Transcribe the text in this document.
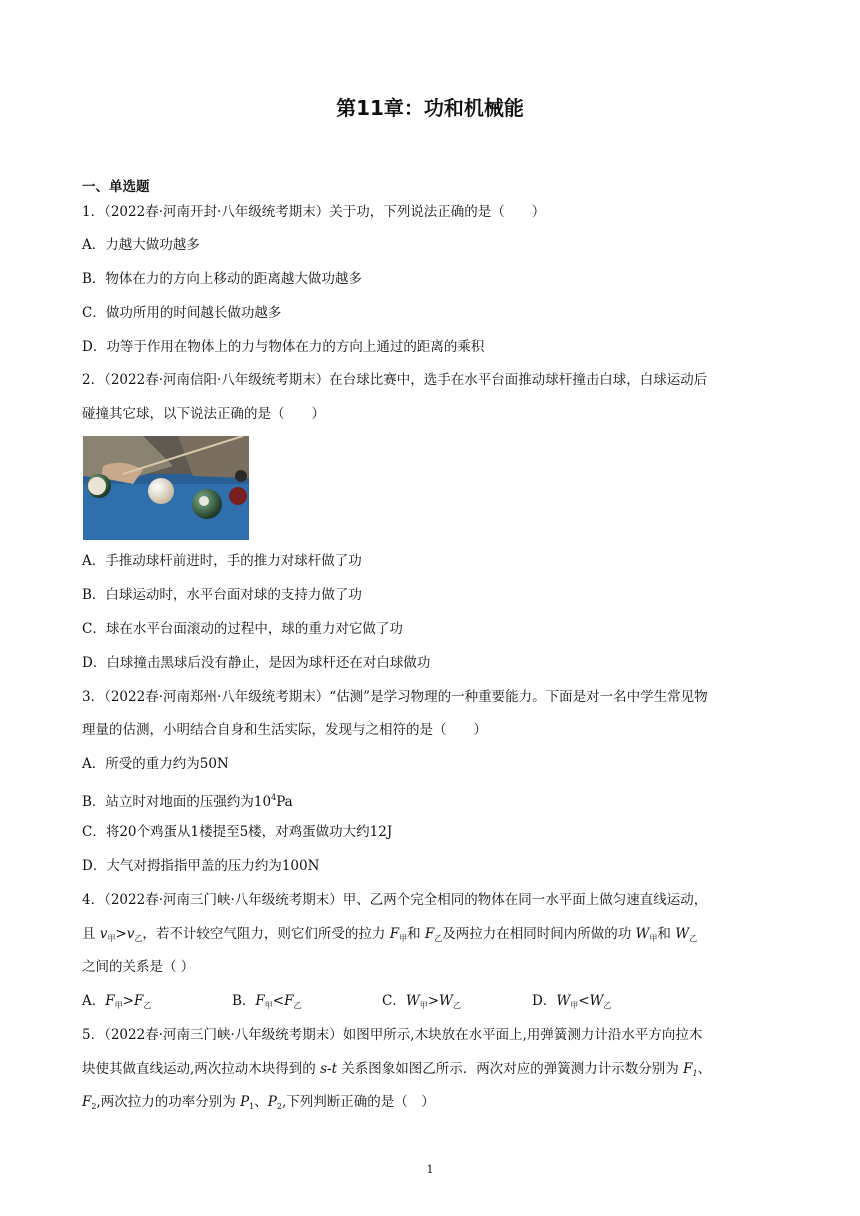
第11章：功和机械能
一、单选题
1．（2022春·河南开封·八年级统考期末）关于功，下列说法正确的是（　　）
A．力越大做功越多
B．物体在力的方向上移动的距离越大做功越多
C．做功所用的时间越长做功越多
D．功等于作用在物体上的力与物体在力的方向上通过的距离的乘积
2．（2022春·河南信阳·八年级统考期末）在台球比赛中，选手在水平台面推动球杆撞击白球，白球运动后
碰撞其它球，以下说法正确的是（　　）
A．手推动球杆前进时，手的推力对球杆做了功
B．白球运动时，水平台面对球的支持力做了功
C．球在水平台面滚动的过程中，球的重力对它做了功
D．白球撞击黑球后没有静止，是因为球杆还在对白球做功
3．（2022春·河南郑州·八年级统考期末）“估测”是学习物理的一种重要能力。下面是对一名中学生常见物
理量的估测，小明结合自身和生活实际，发现与之相符的是（　　）
A．所受的重力约为50N
B．站立时对地面的压强约为$10^4Pa$
C．将20个鸡蛋从1楼提至5楼，对鸡蛋做功大约12J
D．大气对拇指指甲盖的压力约为100N
4．（2022春·河南三门峡·八年级统考期末）甲、乙两个完全相同的物体在同一水平面上做匀速直线运动，
且 $v_甲>v_乙$，若不计较空气阻力，则它们所受的拉力 $F_甲$和 $F_乙$及两拉力在相同时间内所做的功 $W_甲$和 $W_乙$
之间的关系是（ ）
A．$F_甲>F_乙$	B．$F_甲<F_乙$	C．$W_甲>W_乙$	D．$W_甲<W_乙$
5．（2022春·河南三门峡·八年级统考期末）如图甲所示,木块放在水平面上,用弹簧测力计沿水平方向拉木
块使其做直线运动,两次拉动木块得到的 s-t 关系图象如图乙所示．两次对应的弹簧测力计示数分别为 $F_1$、
$F_2$,两次拉力的功率分别为 $P_1$、$P_2$,下列判断正确的是（　）
1
